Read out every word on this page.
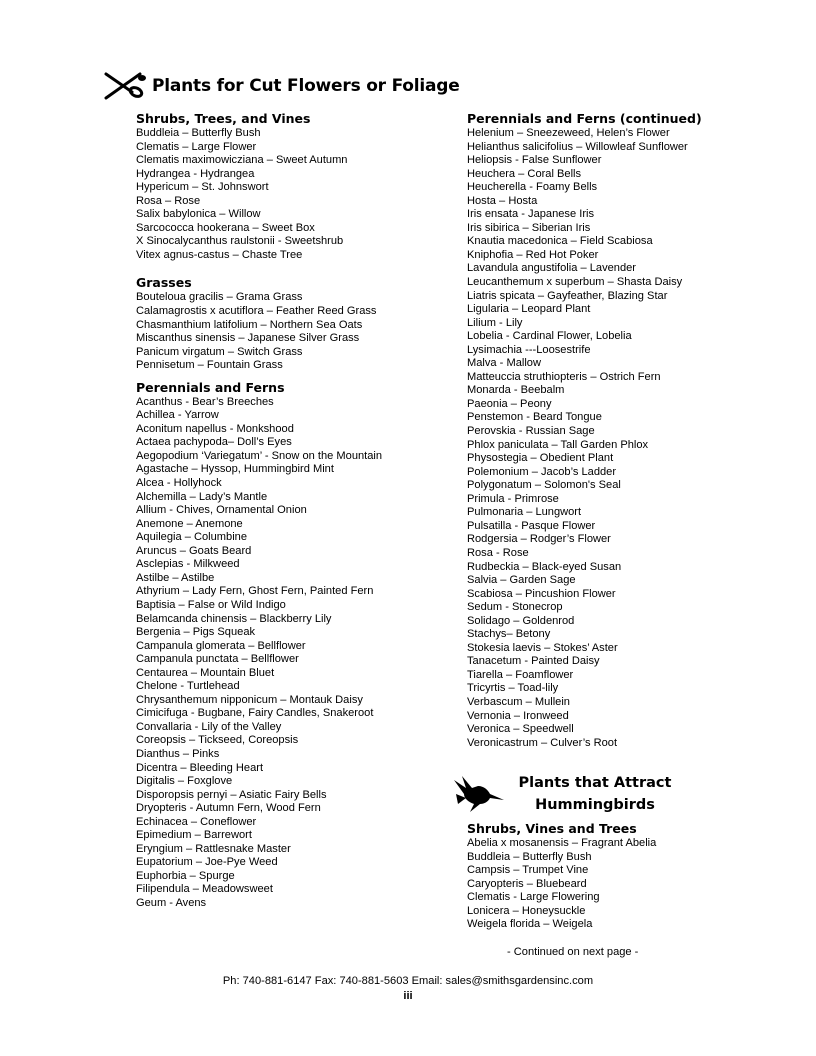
Plants for Cut Flowers or Foliage
Shrubs, Trees, and Vines
Buddleia – Butterfly Bush
Clematis – Large Flower
Clematis maximowicziana – Sweet Autumn
Hydrangea - Hydrangea
Hypericum – St. Johnswort
Rosa – Rose
Salix babylonica – Willow
Sarcococca hookerana – Sweet Box
X Sinocalycanthus raulstonii - Sweetshrub
Vitex agnus-castus – Chaste Tree
Grasses
Bouteloua gracilis – Grama Grass
Calamagrostis x acutiflora – Feather Reed Grass
Chasmanthium latifolium – Northern Sea Oats
Miscanthus sinensis – Japanese Silver Grass
Panicum virgatum – Switch Grass
Pennisetum – Fountain Grass
Perennials and Ferns
Acanthus - Bear’s Breeches
Achillea - Yarrow
Aconitum napellus - Monkshood
Actaea pachypoda– Doll’s Eyes
Aegopodium ‘Variegatum’ - Snow on the Mountain
Agastache – Hyssop, Hummingbird Mint
Alcea - Hollyhock
Alchemilla – Lady’s Mantle
Allium - Chives, Ornamental Onion
Anemone – Anemone
Aquilegia – Columbine
Aruncus – Goats Beard
Asclepias - Milkweed
Astilbe – Astilbe
Athyrium – Lady Fern, Ghost Fern, Painted Fern
Baptisia – False or Wild Indigo
Belamcanda chinensis – Blackberry Lily
Bergenia – Pigs Squeak
Campanula glomerata – Bellflower
Campanula punctata – Bellflower
Centaurea – Mountain Bluet
Chelone - Turtlehead
Chrysanthemum nipponicum – Montauk Daisy
Cimicifuga - Bugbane, Fairy Candles, Snakeroot
Convallaria - Lily of the Valley
Coreopsis – Tickseed, Coreopsis
Dianthus – Pinks
Dicentra – Bleeding Heart
Digitalis – Foxglove
Disporopsis pernyi – Asiatic Fairy Bells
Dryopteris - Autumn Fern, Wood Fern
Echinacea – Coneflower
Epimedium – Barrewort
Eryngium – Rattlesnake Master
Eupatorium – Joe-Pye Weed
Euphorbia – Spurge
Filipendula – Meadowsweet
Geum - Avens
Perennials and Ferns (continued)
Helenium – Sneezeweed, Helen’s Flower
Helianthus salicifolius – Willowleaf Sunflower
Heliopsis - False Sunflower
Heuchera – Coral Bells
Heucherella - Foamy Bells
Hosta – Hosta
Iris ensata - Japanese Iris
Iris sibirica – Siberian Iris
Knautia macedonica – Field Scabiosa
Kniphofia – Red Hot Poker
Lavandula angustifolia – Lavender
Leucanthemum x superbum – Shasta Daisy
Liatris spicata – Gayfeather, Blazing Star
Ligularia – Leopard Plant
Lilium - Lily
Lobelia - Cardinal Flower, Lobelia
Lysimachia ---Loosestrife
Malva - Mallow
Matteuccia struthiopteris – Ostrich Fern
Monarda - Beebalm
Paeonia – Peony
Penstemon - Beard Tongue
Perovskia - Russian Sage
Phlox paniculata – Tall Garden Phlox
Physostegia – Obedient Plant
Polemonium – Jacob’s Ladder
Polygonatum – Solomon's Seal
Primula - Primrose
Pulmonaria – Lungwort
Pulsatilla - Pasque Flower
Rodgersia – Rodger’s Flower
Rosa - Rose
Rudbeckia – Black-eyed Susan
Salvia – Garden Sage
Scabiosa – Pincushion Flower
Sedum - Stonecrop
Solidago – Goldenrod
Stachys– Betony
Stokesia laevis – Stokes’ Aster
Tanacetum - Painted Daisy
Tiarella – Foamflower
Tricyrtis – Toad-lily
Verbascum – Mullein
Vernonia – Ironweed
Veronica – Speedwell
Veronicastrum – Culver’s Root
Plants that Attract
Hummingbirds
Shrubs, Vines and Trees
Abelia x mosanensis – Fragrant Abelia
Buddleia – Butterfly Bush
Campsis – Trumpet Vine
Caryopteris – Bluebeard
Clematis - Large Flowering
Lonicera – Honeysuckle
Weigela florida – Weigela
- Continued on next page -
Ph: 740-881-6147 Fax: 740-881-5603 Email: sales@smithsgardensinc.com
iii
